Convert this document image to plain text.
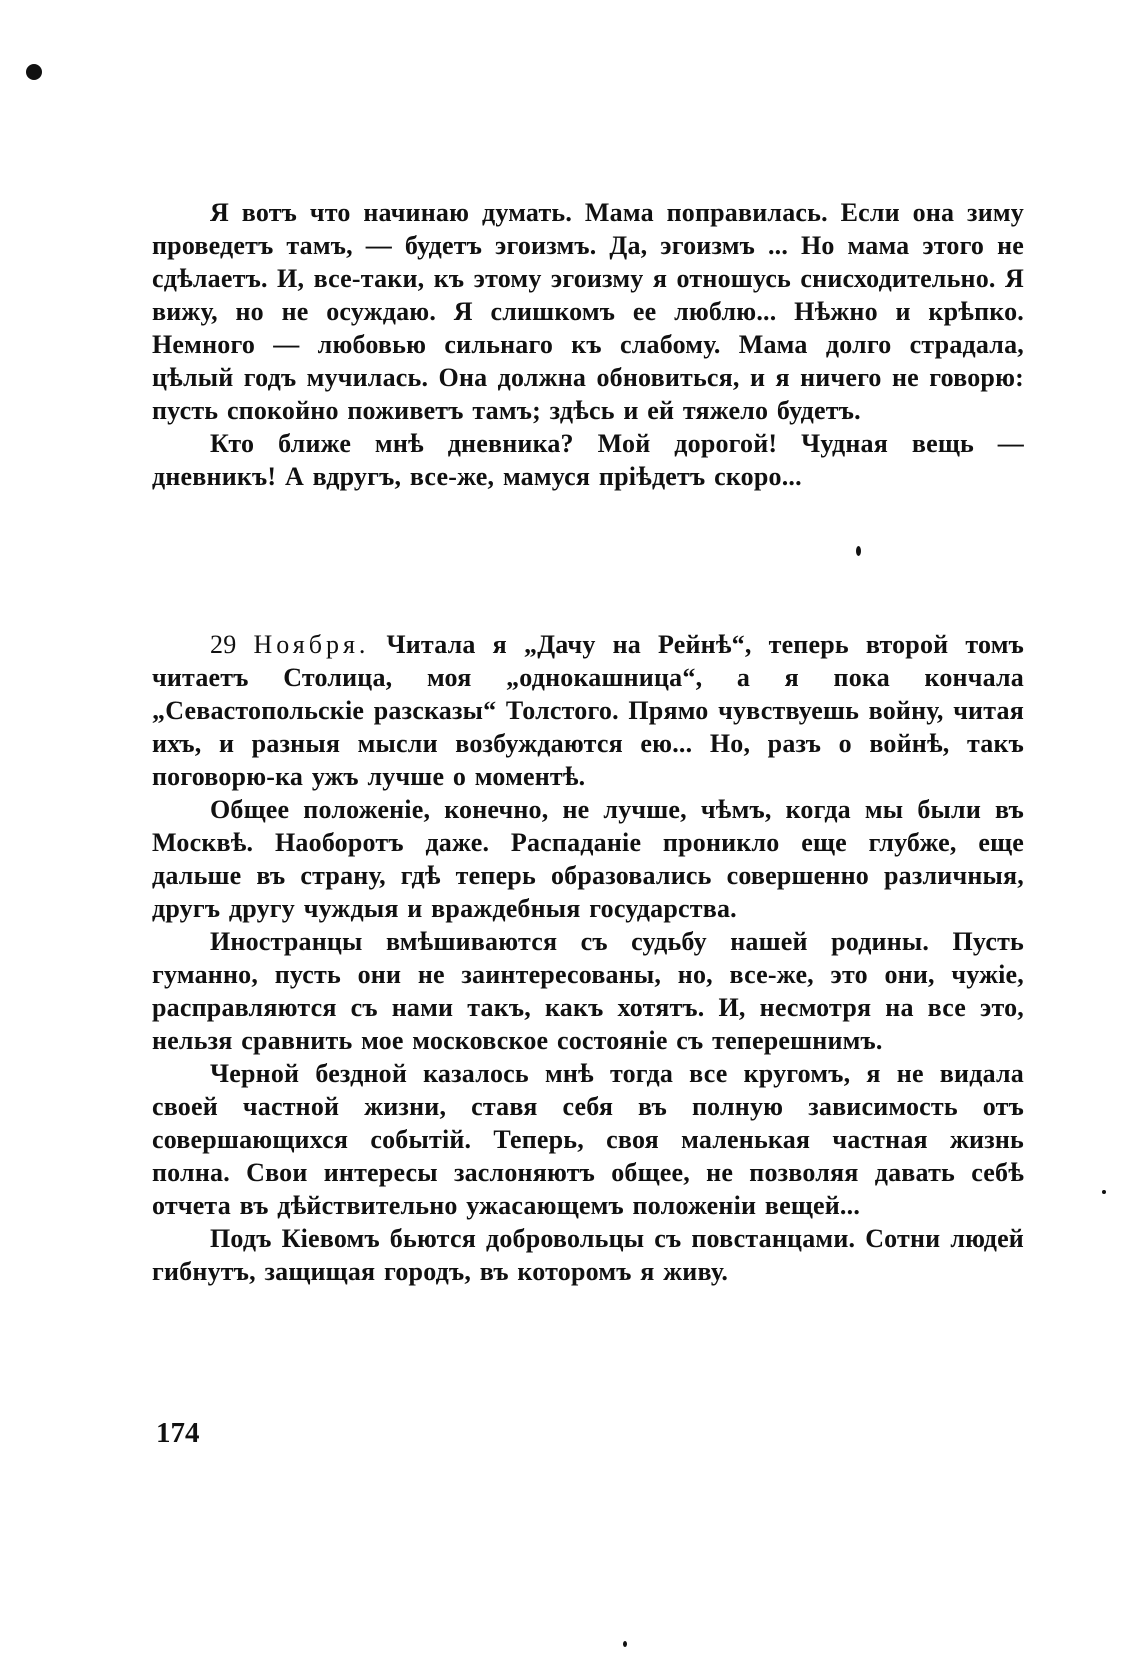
Я вотъ что начинаю думать. Мама поправилась. Если она зиму проведетъ тамъ, — будетъ эгоизмъ. Да, эгоизмъ ... Но мама этого не сдѣлаетъ. И, все-таки, къ этому эгоизму я отношусь снисходительно. Я вижу, но не осуждаю. Я слишкомъ ее люблю... Нѣжно и крѣпко. Немного — любовью сильнаго къ слабому. Мама долго страдала, цѣлый годъ мучилась. Она должна обновиться, и я ничего не говорю: пусть спокойно поживетъ тамъ; здѣсь и ей тяжело будетъ.

Кто ближе мнѣ дневника? Мой дорогой! Чудная вещь — дневникъ! А вдругъ, все-же, мамуся прiѣдетъ скоро...

29 Ноября. Читала я „Дачу на Рейнѣ“, теперь второй томъ читаетъ Столица, моя „однокашница“, а я пока кончала „Севастопольскiе разсказы“ Толстого. Прямо чувствуешь войну, читая ихъ, и разныя мысли возбуждаются ею... Но, разъ о войнѣ, такъ поговорю-ка ужъ лучше о моментѣ.

Общее положенiе, конечно, не лучше, чѣмъ, когда мы были въ Москвѣ. Наоборотъ даже. Распаданiе проникло еще глубже, еще дальше въ страну, гдѣ теперь образовались совершенно различныя, другъ другу чуждыя и враждебныя государства.

Иностранцы вмѣшиваются съ судьбу нашей родины. Пусть гуманно, пусть они не заинтересованы, но, все-же, это они, чужiе, расправляются съ нами такъ, какъ хотятъ. И, несмотря на все это, нельзя сравнить мое московское состоянiе съ теперешнимъ.

Черной бездной казалось мнѣ тогда все кругомъ, я не видала своей частной жизни, ставя себя въ полную зависимость отъ совершающихся событiй. Теперь, своя маленькая частная жизнь полна. Свои интересы заслоняютъ общее, не позволяя давать себѣ отчета въ дѣйствительно ужасающемъ положенiи вещей...

Подъ Кiевомъ бьются добровольцы съ повстанцами. Сотни людей гибнутъ, защищая городъ, въ которомъ я живу.

174
